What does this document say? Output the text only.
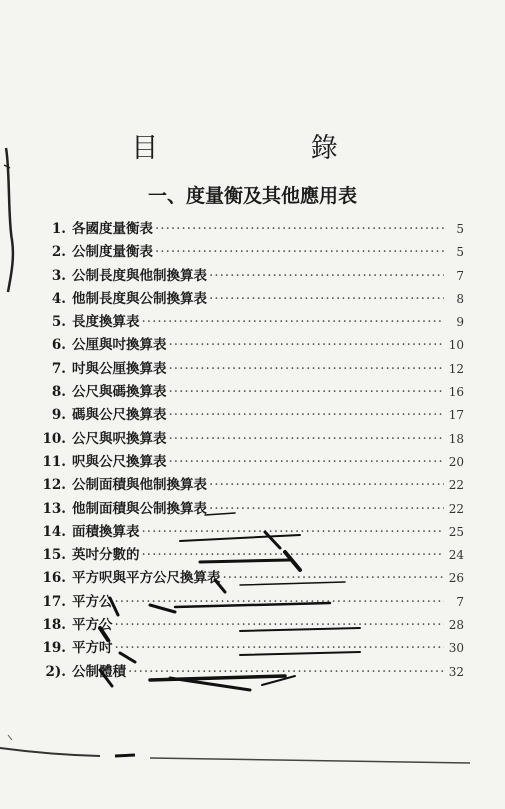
目 錄
一、度量衡及其他應用表
1. 各國度量衡表 ·····	5
2. 公制度量衡表 ·····	5
3. 公制長度與他制換算表 ·····	7
4. 他制長度與公制換算表 ·····	8
5. 長度換算表 ·····	9
6. 公厘與吋換算表 ·····	10
7. 吋與公厘換算表 ·····	12
8. 公尺與碼換算表 ·····	16
9. 碼與公尺換算表 ·····	17
10. 公尺與呎換算表 ·····	18
11. 呎與公尺換算表 ·····	20
12. 公制面積與他制換算表 ·····	22
13. 他制面積與公制換算表 ·····	22
14. 面積換算表 ·····	25
15. 英吋分數的 ·····	24
16. 平方呎與平方公尺換算表 ·····	26
17. 平方公 ·····	7
18. 平方公 ·····	28
19. 平方吋 ·····	30
2). 公制體積 ·····	32
